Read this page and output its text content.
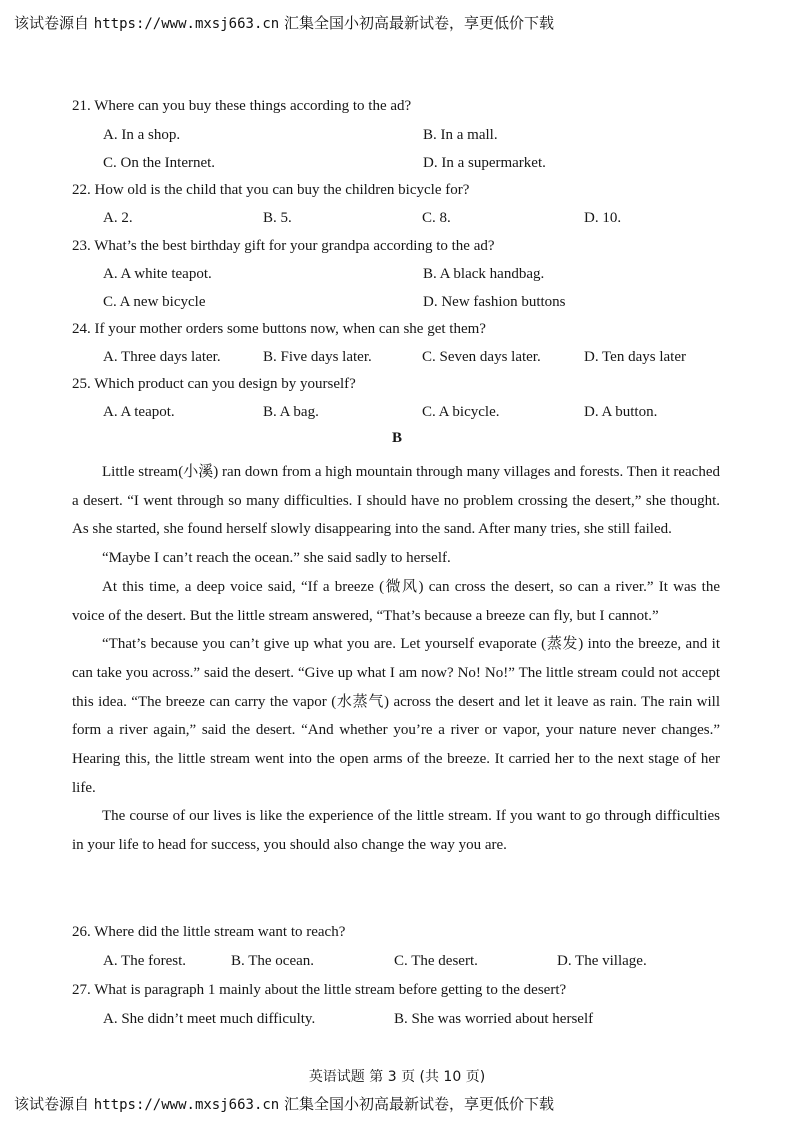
该试卷源自 https://www.mxsj663.cn 汇集全国小初高最新试卷，享更低价下载
21. Where can you buy these things according to the ad?
A. In a shop.	B. In a mall.
C. On the Internet.	D. In a supermarket.
22. How old is the child that you can buy the children bicycle for?
A. 2.	B. 5.	C. 8.	D. 10.
23. What’s the best birthday gift for your grandpa according to the ad?
A. A white teapot.	B. A black handbag.
C. A new bicycle	D. New fashion buttons
24. If your mother orders some buttons now, when can she get them?
A. Three days later.	B. Five days later.	C. Seven days later.	D. Ten days later
25. Which product can you design by yourself?
A. A teapot.	B. A bag.	C. A bicycle.	D. A button.
B

Little stream(小溪) ran down from a high mountain through many villages and forests. Then it reached a desert. “I went through so many difficulties. I should have no problem crossing the desert,” she thought. As she started, she found herself slowly disappearing into the sand. After many tries, she still failed.

“Maybe I can’t reach the ocean.” she said sadly to herself.

At this time, a deep voice said, “If a breeze (微风) can cross the desert, so can a river.” It was the voice of the desert. But the little stream answered, “That’s because a breeze can fly, but I cannot.”

“That’s because you can’t give up what you are. Let yourself evaporate (蒸发) into the breeze, and it can take you across.” said the desert. “Give up what I am now? No! No!” The little stream could not accept this idea. “The breeze can carry the vapor (水蒸气) across the desert and let it leave as rain. The rain will form a river again,” said the desert. “And whether you’re a river or vapor, your nature never changes.” Hearing this, the little stream went into the open arms of the breeze. It carried her to the next stage of her life.

The course of our lives is like the experience of the little stream. If you want to go through difficulties in your life to head for success, you should also change the way you are.

26. Where did the little stream want to reach?
A. The forest.	B. The ocean.	C. The desert.	D. The village.
27. What is paragraph 1 mainly about the little stream before getting to the desert?
A. She didn’t meet much difficulty.	B. She was worried about herself
英语试题 第 3 页 (共 10 页)
该试卷源自 https://www.mxsj663.cn 汇集全国小初高最新试卷，享更低价下载
